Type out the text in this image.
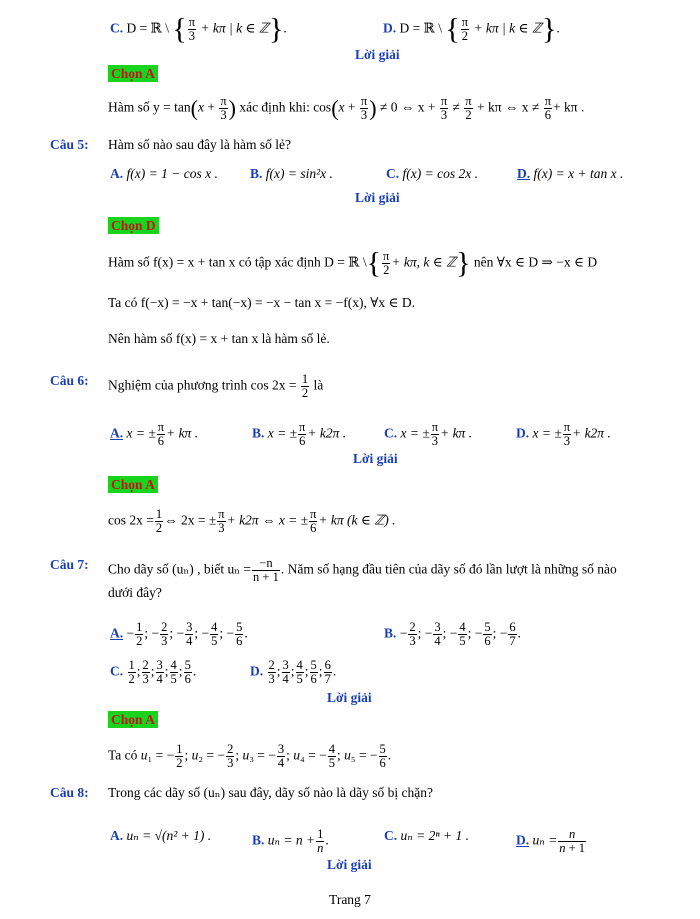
C. D = ℝ \ { $\frac{\pi}{3} + k\pi$ | k ∈ ℤ}.	D. D = ℝ \ { $\frac{\pi}{2} + k\pi$ | k ∈ ℤ}.
Lời giải
Chọn A
Hàm số $y = \tan(x + \frac{\pi}{3}$ ) xác định khi: $\cos(x + \frac{\pi}{3}$ ) ≠ 0 ⇔ $x + \frac{\pi}{3} \ne \frac{\pi}{2} + k\pi$ ⇔ $x \ne \frac{\pi}{6} + k\pi$ .
Câu 5: Hàm số nào sau đây là hàm số lẻ?
A. f(x) = 1 − cos x . B. f(x) = sin²x .	C. f(x) = cos 2x .	D. f(x) = x + tan x .
Lời giải
Chọn D
Hàm số f(x) = x + tan x có tập xác định D = ℝ \{ $\frac{\pi}{2} + k\pi$, k ∈ ℤ} nên ∀x ∈ D ⇒ −x ∈ D
Ta có f(−x) = −x + tan(−x) = −x − tan x = −f(x), ∀x ∈ D.
Nên hàm số f(x) = x + tan x là hàm số lẻ.
Câu 6: Nghiệm của phương trình $\cos 2x = \frac{1}{2}$ là
A. x = ± $\frac{\pi}{6} + k\pi$ .	B. x = ± $\frac{\pi}{6} + k2\pi$ .	C. x = ± $\frac{\pi}{3} + k\pi$ .	D. x = ± $\frac{\pi}{3} + k2\pi$ .
Lời giải
Chọn A
$\cos 2x = \frac{1}{2}$ ⇔ 2x = ± $\frac{\pi}{3} + k2\pi$ ⇔ x = ± $\frac{\pi}{6} + k\pi$ (k ∈ ℤ) .
Câu 7: Cho dãy số (uₙ) , biết $u_n = \frac{-n}{n + 1}$ . Năm số hạng đầu tiên của dãy số đó lần lượt là những số nào
dưới đây?
A. − $\frac{1}{2}$ ; − $\frac{2}{3}$ ; − $\frac{3}{4}$ ; − $\frac{4}{5}$ ; − $\frac{5}{6}$ .	B. − $\frac{2}{3}$ ; − $\frac{3}{4}$ ; − $\frac{4}{5}$ ; − $\frac{5}{6}$ ; − $\frac{6}{7}$ .
C. $\frac{1}{2}$ ; $\frac{2}{3}$ ; $\frac{3}{4}$ ; $\frac{4}{5}$ ; $\frac{5}{6}$ .	D. $\frac{2}{3}$ ; $\frac{3}{4}$ ; $\frac{4}{5}$ ; $\frac{5}{6}$ ; $\frac{6}{7}$ .
Lời giải
Chọn A
Ta có u₁ = − $\frac{1}{2}$ ; u₂ = − $\frac{2}{3}$ ; u₃ = − $\frac{3}{4}$ ; u₄ = − $\frac{4}{5}$ ; u₅ = − $\frac{5}{6}$ .
Câu 8: Trong các dãy số (uₙ) sau đây, dãy số nào là dãy số bị chặn?
A. uₙ = √(n² + 1) .	B. $u_n = n + \frac{1}{n}$ .	C. uₙ = 2ⁿ + 1 .	D. $u_n = \frac{n}{n + 1}$
Lời giải
Trang 7
